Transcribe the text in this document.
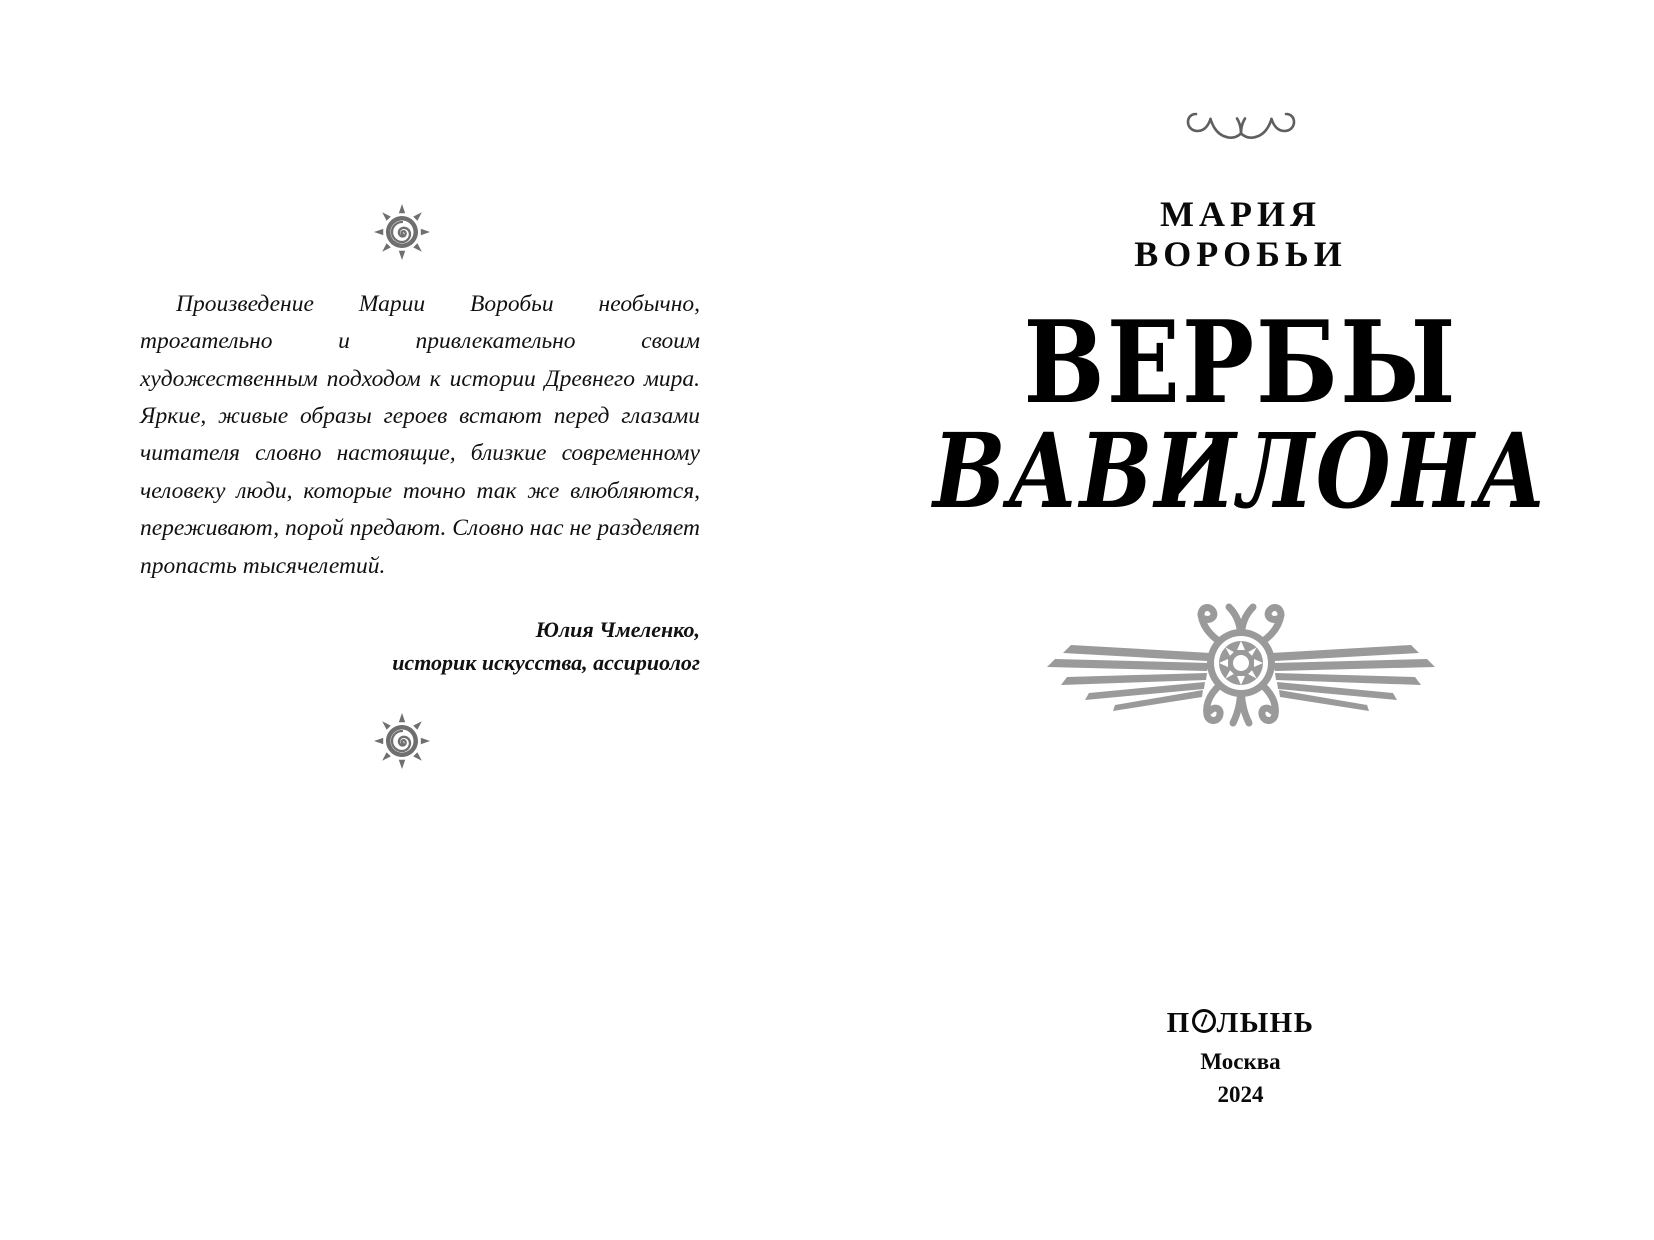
Произведение Марии Воробьи необычно, трогательно и привлекательно своим художественным подходом к истории Древнего мира. Яркие, живые образы героев встают перед глазами читателя словно настоящие, близкие современному человеку люди, которые точно так же влюбляются, переживают, порой предают. Словно нас не разделяет пропасть тысячелетий.

Юлия Чмеленко,
историк искусства, ассириолог
МАРИЯ
ВОРОБЬИ
ВЕРБЫ
ВАВИЛОНА
П ЛЫНЬ
Москва
2024
